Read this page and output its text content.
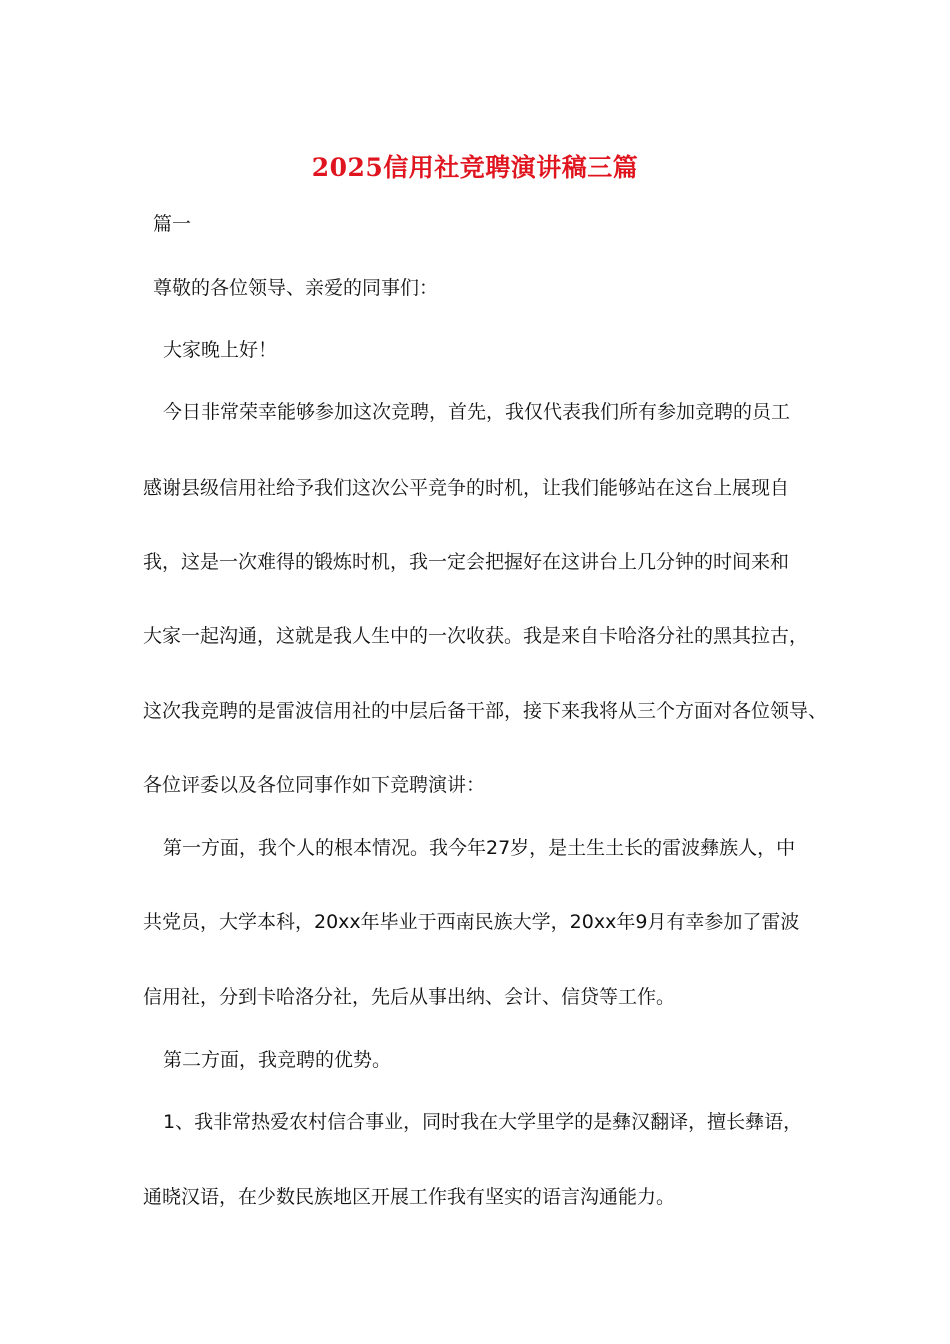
2025信用社竞聘演讲稿三篇
篇一
尊敬的各位领导、亲爱的同事们：
大家晚上好！
今日非常荣幸能够参加这次竞聘，首先，我仅代表我们所有参加竞聘的员工
感谢县级信用社给予我们这次公平竞争的时机，让我们能够站在这台上展现自
我，这是一次难得的锻炼时机，我一定会把握好在这讲台上几分钟的时间来和
大家一起沟通，这就是我人生中的一次收获。我是来自卡哈洛分社的黑其拉古，
这次我竞聘的是雷波信用社的中层后备干部，接下来我将从三个方面对各位领导、
各位评委以及各位同事作如下竞聘演讲：
第一方面，我个人的根本情况。我今年27岁，是土生土长的雷波彝族人，中
共党员，大学本科，20xx年毕业于西南民族大学，20xx年9月有幸参加了雷波
信用社，分到卡哈洛分社，先后从事出纳、会计、信贷等工作。
第二方面，我竞聘的优势。
1、我非常热爱农村信合事业，同时我在大学里学的是彝汉翻译，擅长彝语，
通晓汉语，在少数民族地区开展工作我有坚实的语言沟通能力。
